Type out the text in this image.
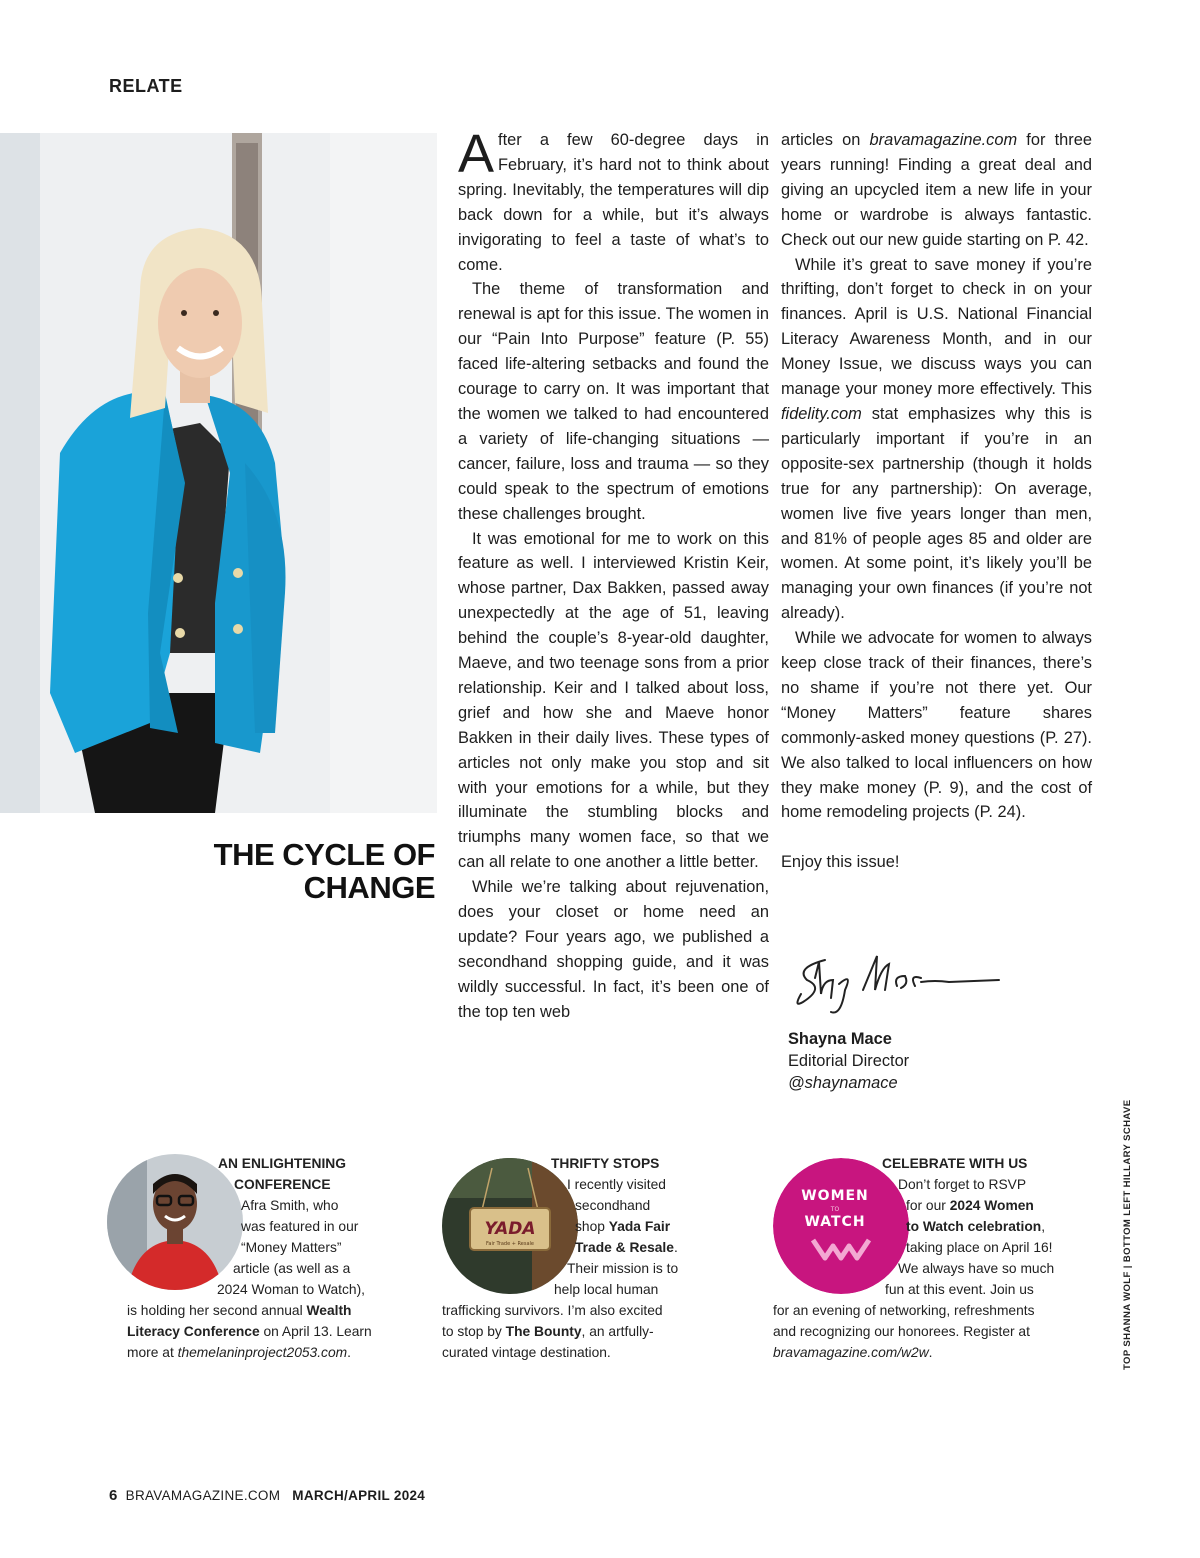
RELATE
THE CYCLE OF
CHANGE

After a few 60-degree days in February, it’s hard not to think about spring. Inevitably, the temperatures will dip back down for a while, but it’s always invigorating to feel a taste of what’s to come.

The theme of transformation and renewal is apt for this issue. The women in our “Pain Into Purpose” feature (P. 55) faced life-altering setbacks and found the courage to carry on. It was important that the women we talked to had encountered a variety of life-changing situations — cancer, failure, loss and trauma — so they could speak to the spectrum of emotions these challenges brought.

It was emotional for me to work on this feature as well. I interviewed Kristin Keir, whose partner, Dax Bakken, passed away unexpectedly at the age of 51, leaving behind the couple’s 8-year-old daughter, Maeve, and two teenage sons from a prior relationship. Keir and I talked about loss, grief and how she and Maeve honor Bakken in their daily lives. These types of articles not only make you stop and sit with your emotions for a while, but they illuminate the stumbling blocks and triumphs many women face, so that we can all relate to one another a little better.

While we’re talking about rejuvenation, does your closet or home need an update? Four years ago, we published a secondhand shopping guide, and it was wildly successful. In fact, it’s been one of the top ten web

articles on bravamagazine.com for three years running! Finding a great deal and giving an upcycled item a new life in your home or wardrobe is always fantastic. Check out our new guide starting on P. 42.

While it’s great to save money if you’re thrifting, don’t forget to check in on your finances. April is U.S. National Financial Literacy Awareness Month, and in our Money Issue, we discuss ways you can manage your money more effectively. This fidelity.com stat emphasizes why this is particularly important if you’re in an opposite-sex partnership (though it holds true for any partnership): On average, women live five years longer than men, and 81% of people ages 85 and older are women. At some point, it’s likely you’ll be managing your own finances (if you’re not already).

While we advocate for women to always keep close track of their finances, there’s no shame if you’re not there yet. Our “Money Matters” feature shares commonly-asked money questions (P. 27). We also talked to local influencers on how they make money (P. 9), and the cost of home remodeling projects (P. 24).

Enjoy this issue!

Shayna Mace
Editorial Director
@shaynamace
TOP SHANNA WOLF | BOTTOM LEFT HILLARY SCHAVE
AN ENLIGHTENING
CONFERENCE
Afra Smith, who
was featured in our
“Money Matters”
article (as well as a
2024 Woman to Watch),
is holding her second annual Wealth
Literacy Conference on April 13. Learn
more at themelaninproject2053.com.
YADA
Fair Trade + Resale
THRIFTY STOPS
I recently visited
secondhand
shop Yada Fair
Trade & Resale.
Their mission is to
help local human
trafficking survivors. I’m also excited
to stop by The Bounty, an artfully-
curated vintage destination.
WOMEN
TO
WATCH
CELEBRATE WITH US
Don’t forget to RSVP
for our 2024 Women
to Watch celebration,
taking place on April 16!
We always have so much
fun at this event. Join us
for an evening of networking, refreshments
and recognizing our honorees. Register at
bravamagazine.com/w2w.
6 BRAVAMAGAZINE.COM MARCH/APRIL 2024
